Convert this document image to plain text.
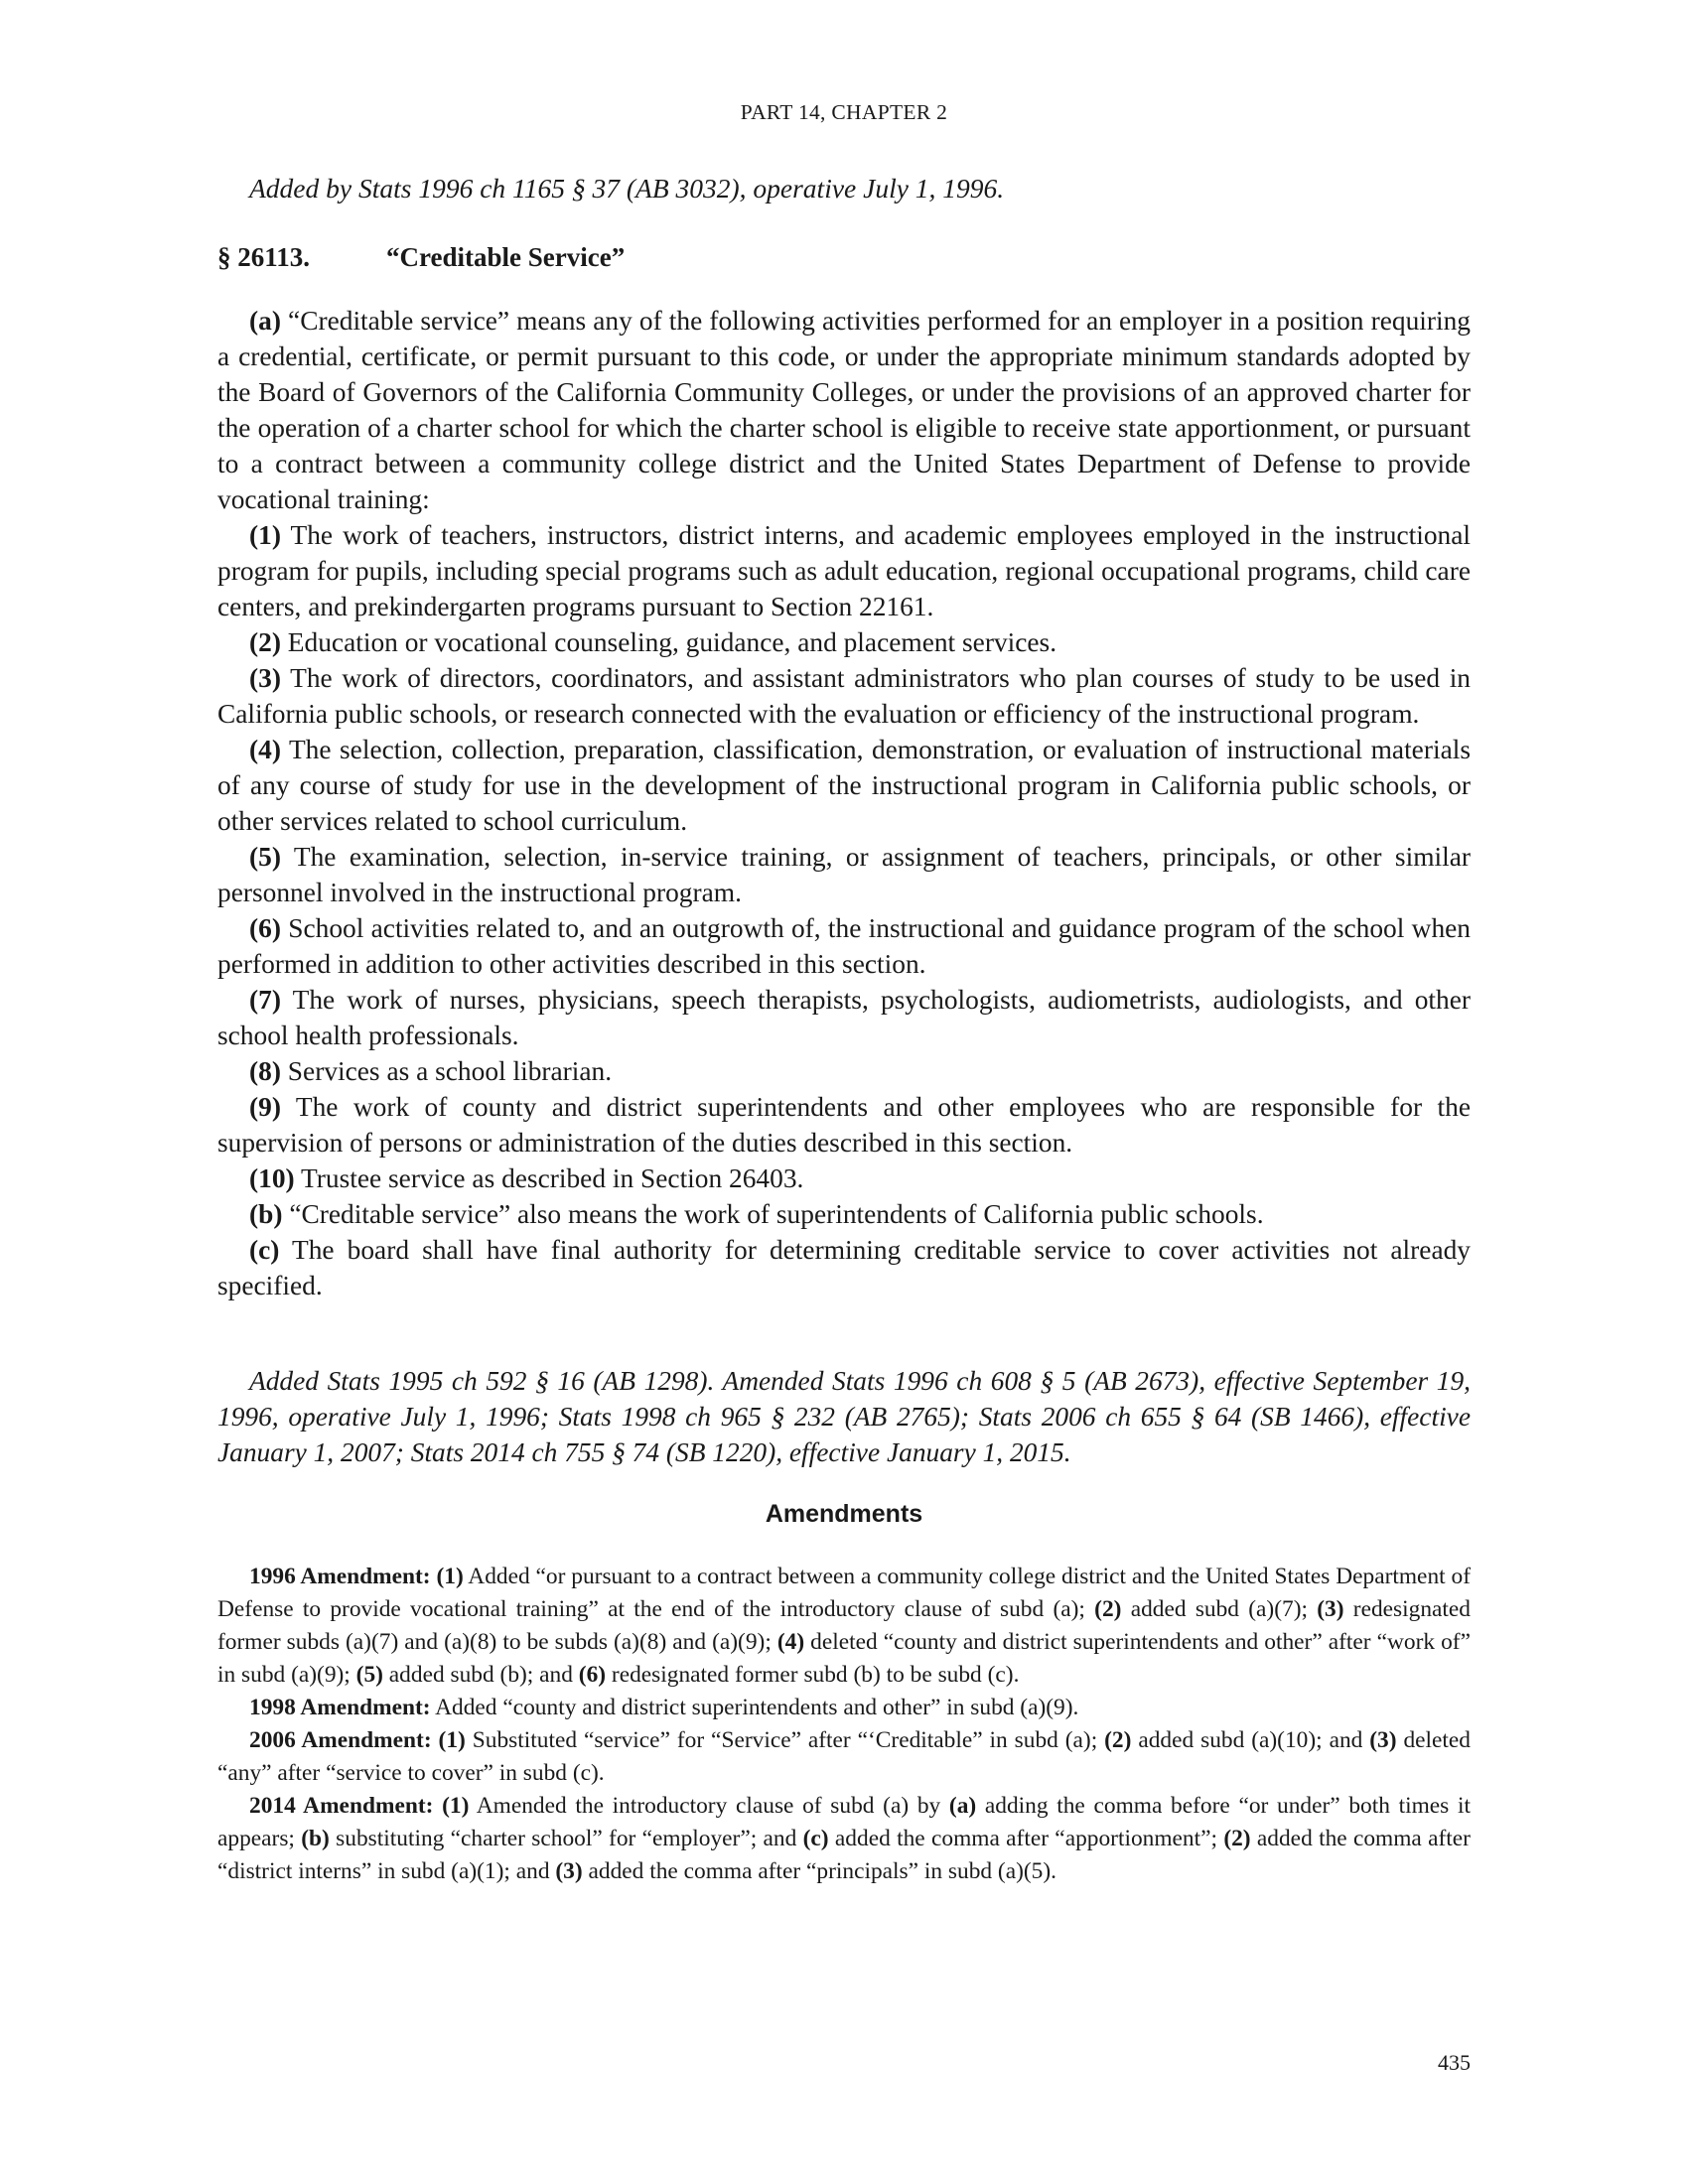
PART 14, CHAPTER 2
Added by Stats 1996 ch 1165 § 37 (AB 3032), operative July 1, 1996.
§ 26113.	“Creditable Service”

(a) “Creditable service” means any of the following activities performed for an employer in a position requiring a credential, certificate, or permit pursuant to this code, or under the appropriate minimum standards adopted by the Board of Governors of the California Community Colleges, or under the provisions of an approved charter for the operation of a charter school for which the charter school is eligible to receive state apportionment, or pursuant to a contract between a community college district and the United States Department of Defense to provide vocational training:

(1) The work of teachers, instructors, district interns, and academic employees employed in the instructional program for pupils, including special programs such as adult education, regional occupational programs, child care centers, and prekindergarten programs pursuant to Section 22161.

(2) Education or vocational counseling, guidance, and placement services.

(3) The work of directors, coordinators, and assistant administrators who plan courses of study to be used in California public schools, or research connected with the evaluation or efficiency of the instructional program.

(4) The selection, collection, preparation, classification, demonstration, or evaluation of instructional materials of any course of study for use in the development of the instructional program in California public schools, or other services related to school curriculum.

(5) The examination, selection, in-service training, or assignment of teachers, principals, or other similar personnel involved in the instructional program.

(6) School activities related to, and an outgrowth of, the instructional and guidance program of the school when performed in addition to other activities described in this section.

(7) The work of nurses, physicians, speech therapists, psychologists, audiometrists, audiologists, and other school health professionals.

(8) Services as a school librarian.

(9) The work of county and district superintendents and other employees who are responsible for the supervision of persons or administration of the duties described in this section.

(10) Trustee service as described in Section 26403.

(b) “Creditable service” also means the work of superintendents of California public schools.

(c) The board shall have final authority for determining creditable service to cover activities not already specified.

Added Stats 1995 ch 592 § 16 (AB 1298). Amended Stats 1996 ch 608 § 5 (AB 2673), effective September 19, 1996, operative July 1, 1996; Stats 1998 ch 965 § 232 (AB 2765); Stats 2006 ch 655 § 64 (SB 1466), effective January 1, 2007; Stats 2014 ch 755 § 74 (SB 1220), effective January 1, 2015.

Amendments

1996 Amendment: (1) Added “or pursuant to a contract between a community college district and the United States Department of Defense to provide vocational training” at the end of the introductory clause of subd (a); (2) added subd (a)(7); (3) redesignated former subds (a)(7) and (a)(8) to be subds (a)(8) and (a)(9); (4) deleted “county and district superintendents and other” after “work of” in subd (a)(9); (5) added subd (b); and (6) redesignated former subd (b) to be subd (c).

1998 Amendment: Added “county and district superintendents and other” in subd (a)(9).

2006 Amendment: (1) Substituted “service” for “Service” after “‘Creditable” in subd (a); (2) added subd (a)(10); and (3) deleted “any” after “service to cover” in subd (c).

2014 Amendment: (1) Amended the introductory clause of subd (a) by (a) adding the comma before “or under” both times it appears; (b) substituting “charter school” for “employer”; and (c) added the comma after “apportionment”; (2) added the comma after “district interns” in subd (a)(1); and (3) added the comma after “principals” in subd (a)(5).

435
